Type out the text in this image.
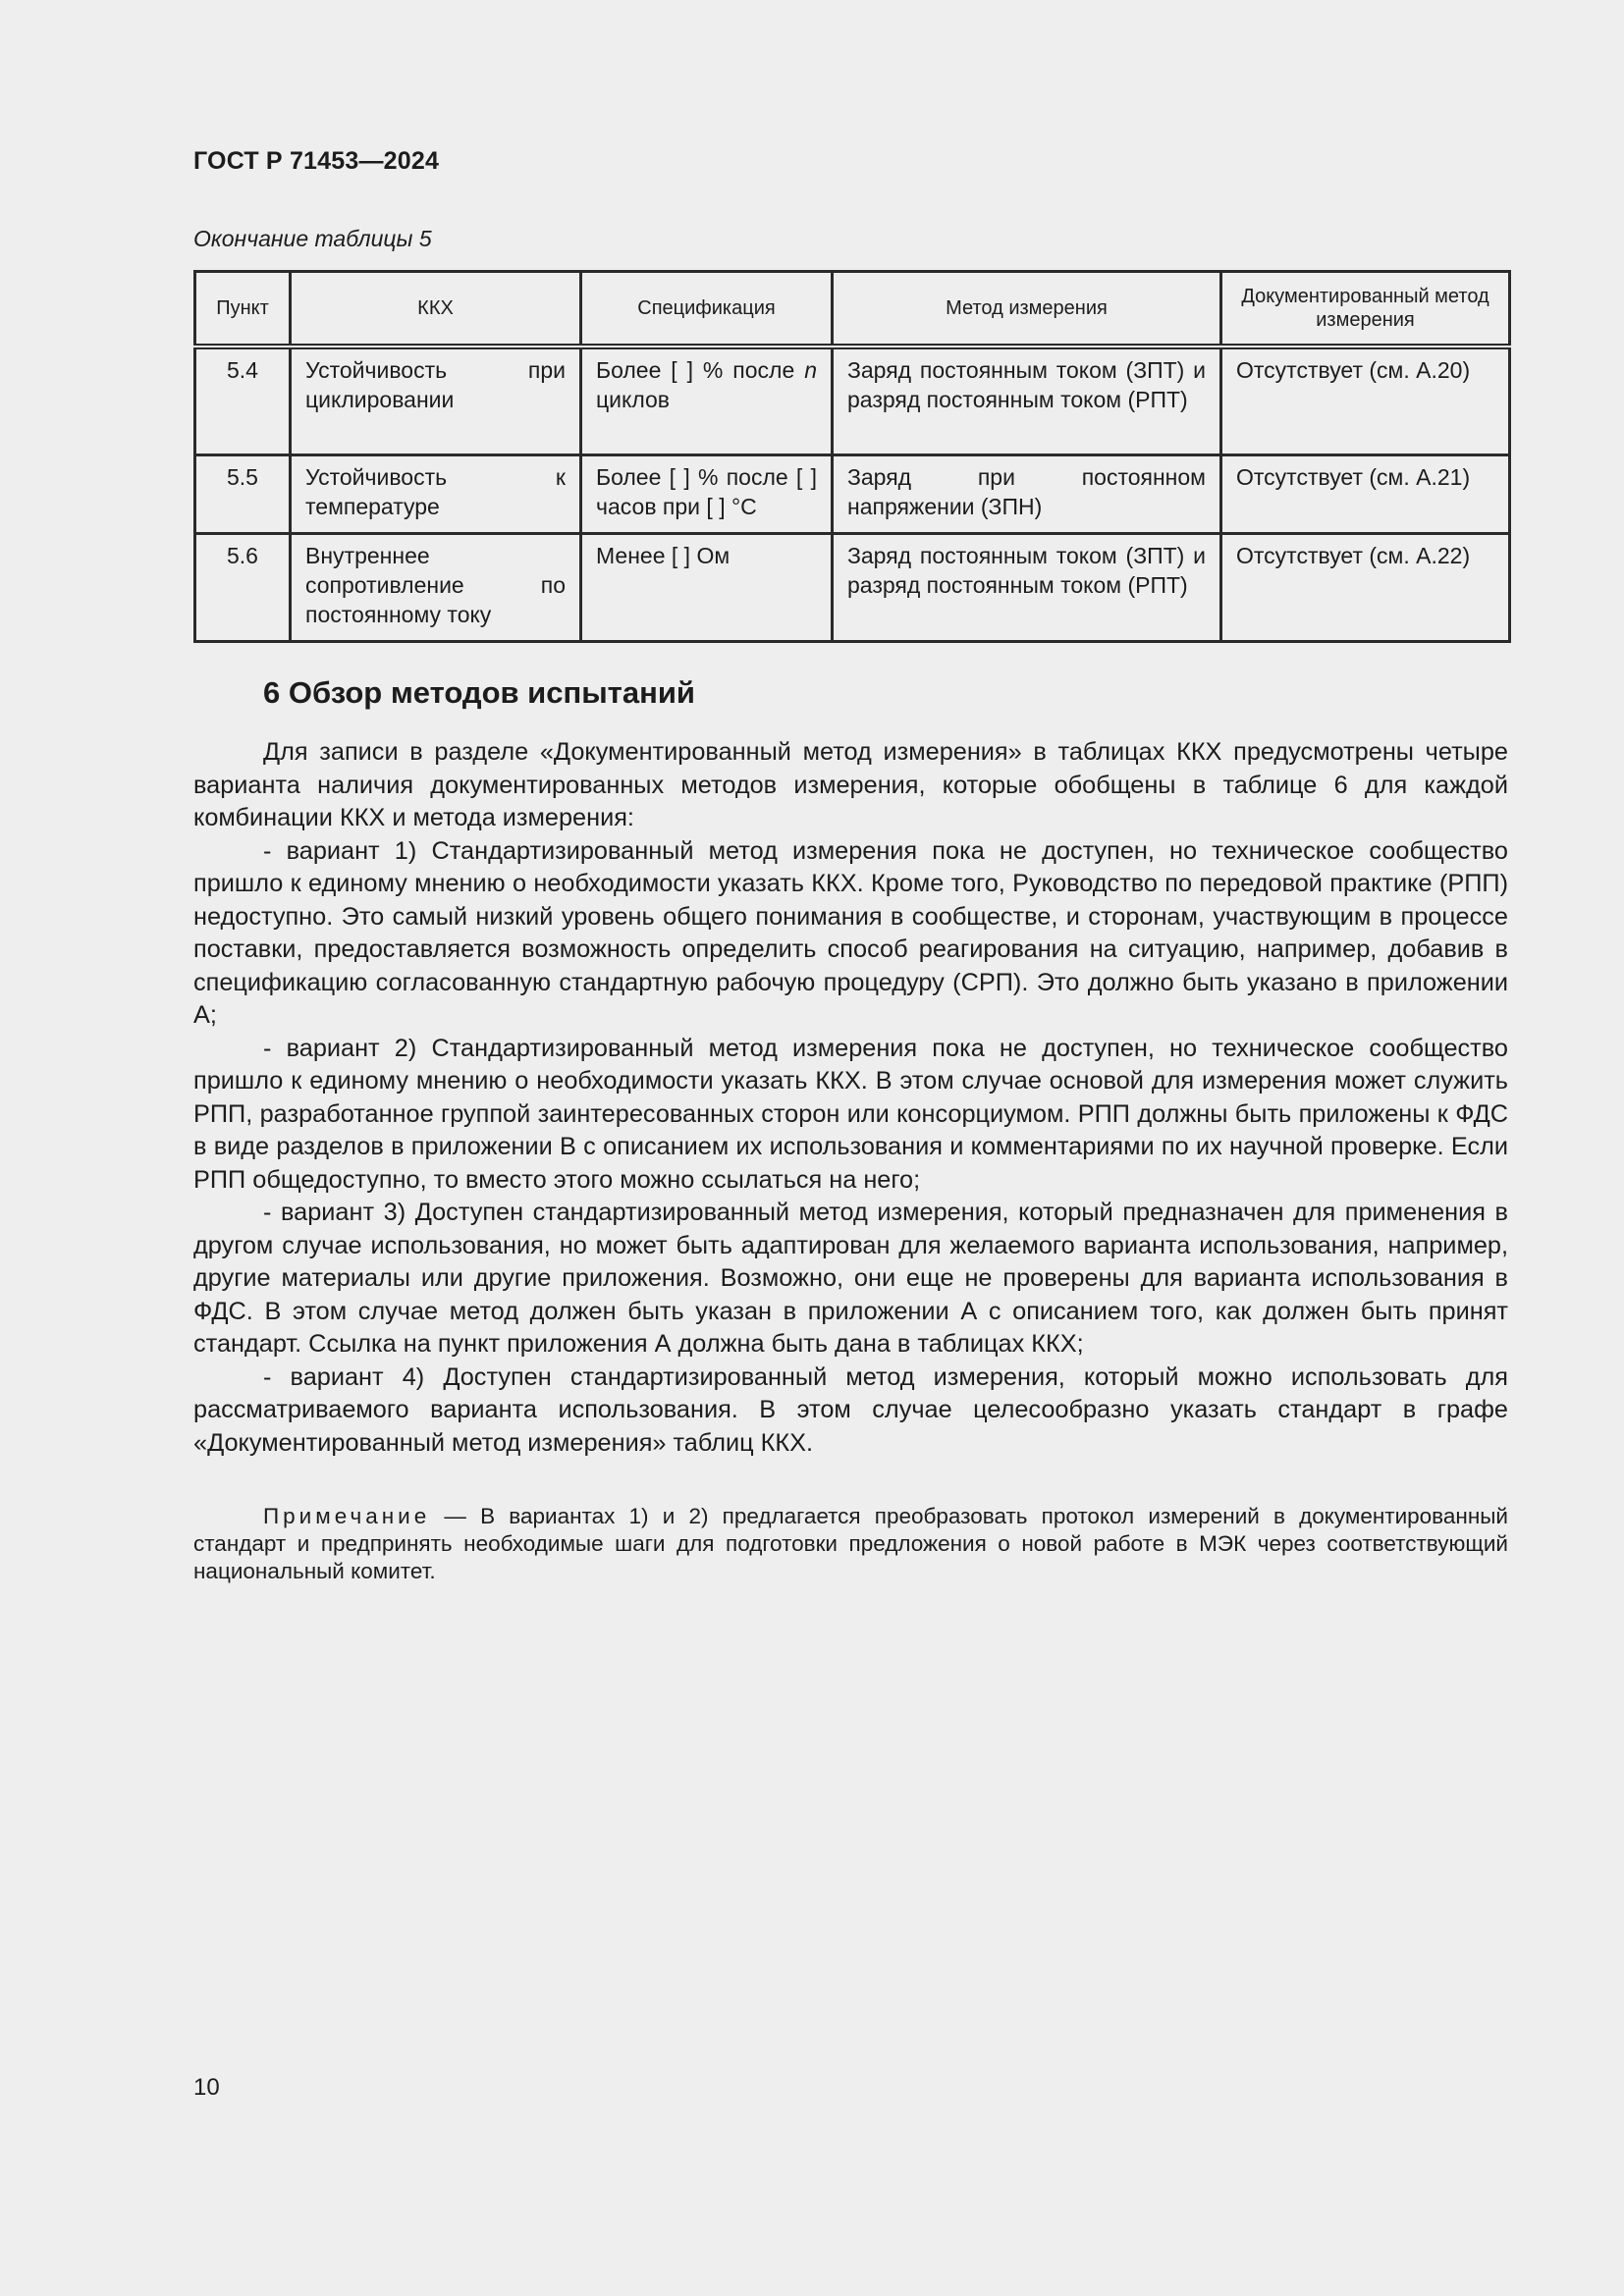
ГОСТ Р 71453—2024
Окончание таблицы 5
Пункт	ККХ	Спецификация	Метод измерения	Документированный метод измерения
5.4	Устойчивость при циклировании	Более [ ] % после n циклов	Заряд постоянным током (ЗПТ) и разряд постоянным током (РПТ)	Отсутствует (см. А.20)
5.5	Устойчивость к температуре	Более [ ] % после [ ] часов при [ ] °С	Заряд при постоянном напряжении (ЗПН)	Отсутствует (см. А.21)
5.6	Внутреннее сопротивление по постоянному току	Менее [ ] Ом	Заряд постоянным током (ЗПТ) и разряд постоянным током (РПТ)	Отсутствует (см. А.22)
6 Обзор методов испытаний

Для записи в разделе «Документированный метод измерения» в таблицах ККХ предусмотрены четыре варианта наличия документированных методов измерения, которые обобщены в таблице 6 для каждой комбинации ККХ и метода измерения:

- вариант 1) Стандартизированный метод измерения пока не доступен, но техническое сообщество пришло к единому мнению о необходимости указать ККХ. Кроме того, Руководство по передовой практике (РПП) недоступно. Это самый низкий уровень общего понимания в сообществе, и сторонам, участвующим в процессе поставки, предоставляется возможность определить способ реагирования на ситуацию, например, добавив в спецификацию согласованную стандартную рабочую процедуру (СРП). Это должно быть указано в приложении А;

- вариант 2) Стандартизированный метод измерения пока не доступен, но техническое сообщество пришло к единому мнению о необходимости указать ККХ. В этом случае основой для измерения может служить РПП, разработанное группой заинтересованных сторон или консорциумом. РПП должны быть приложены к ФДС в виде разделов в приложении В с описанием их использования и комментариями по их научной проверке. Если РПП общедоступно, то вместо этого можно ссылаться на него;

- вариант 3) Доступен стандартизированный метод измерения, который предназначен для применения в другом случае использования, но может быть адаптирован для желаемого варианта использования, например, другие материалы или другие приложения. Возможно, они еще не проверены для варианта использования в ФДС. В этом случае метод должен быть указан в приложении А с описанием того, как должен быть принят стандарт. Ссылка на пункт приложения А должна быть дана в таблицах ККХ;

- вариант 4) Доступен стандартизированный метод измерения, который можно использовать для рассматриваемого варианта использования. В этом случае целесообразно указать стандарт в графе «Документированный метод измерения» таблиц ККХ.

Примечание — В вариантах 1) и 2) предлагается преобразовать протокол измерений в документированный стандарт и предпринять необходимые шаги для подготовки предложения о новой работе в МЭК через соответствующий национальный комитет.

10
